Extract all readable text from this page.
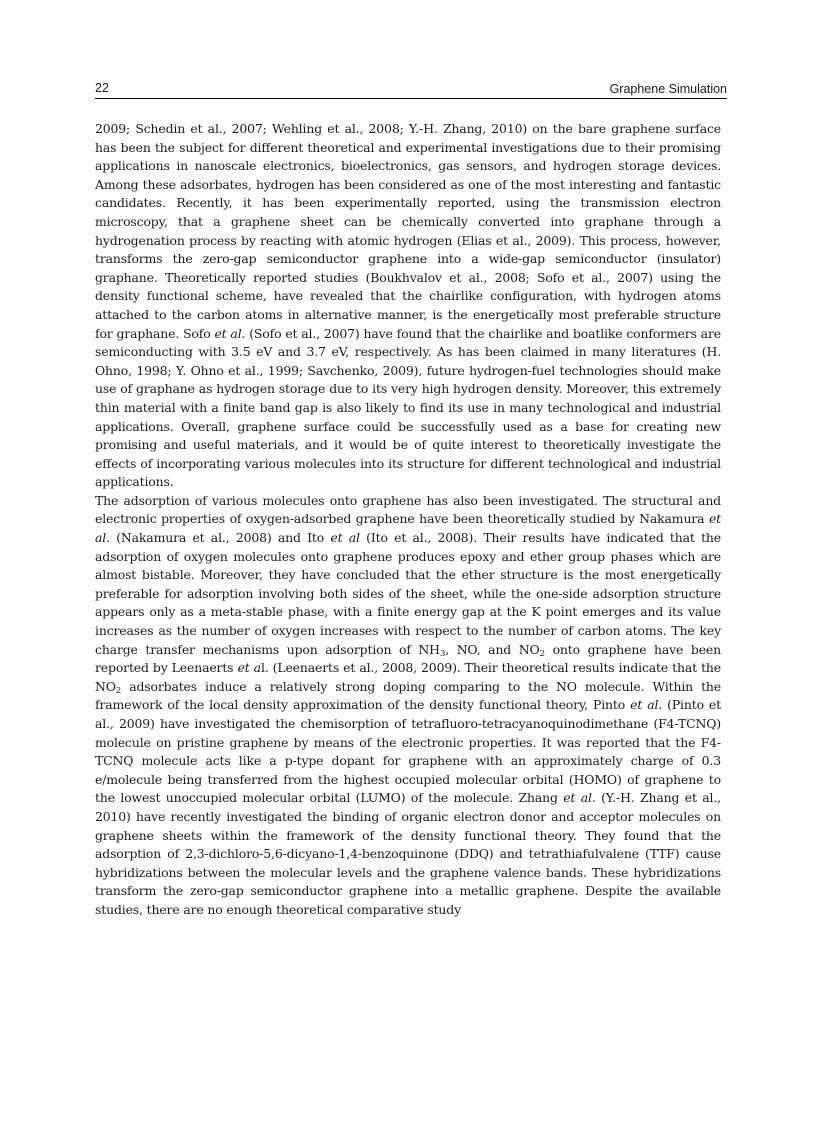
22	Graphene Simulation

2009; Schedin et al., 2007; Wehling et al., 2008; Y.-H. Zhang, 2010) on the bare graphene surface has been the subject for different theoretical and experimental investigations due to their promising applications in nanoscale electronics, bioelectronics, gas sensors, and hydrogen storage devices. Among these adsorbates, hydrogen has been considered as one of the most interesting and fantastic candidates. Recently, it has been experimentally reported, using the transmission electron microscopy, that a graphene sheet can be chemically converted into graphane through a hydrogenation process by reacting with atomic hydrogen (Elias et al., 2009). This process, however, transforms the zero-gap semiconductor graphene into a wide-gap semiconductor (insulator) graphane. Theoretically reported studies (Boukhvalov et al., 2008; Sofo et al., 2007) using the density functional scheme, have revealed that the chairlike configuration, with hydrogen atoms attached to the carbon atoms in alternative manner, is the energetically most preferable structure for graphane. Sofo et al. (Sofo et al., 2007) have found that the chairlike and boatlike conformers are semiconducting with 3.5 eV and 3.7 eV, respectively. As has been claimed in many literatures (H. Ohno, 1998; Y. Ohno et al., 1999; Savchenko, 2009), future hydrogen-fuel technologies should make use of graphane as hydrogen storage due to its very high hydrogen density. Moreover, this extremely thin material with a finite band gap is also likely to find its use in many technological and industrial applications. Overall, graphene surface could be successfully used as a base for creating new promising and useful materials, and it would be of quite interest to theoretically investigate the effects of incorporating various molecules into its structure for different technological and industrial applications.

The adsorption of various molecules onto graphene has also been investigated. The structural and electronic properties of oxygen-adsorbed graphene have been theoretically studied by Nakamura et al. (Nakamura et al., 2008) and Ito et al (Ito et al., 2008). Their results have indicated that the adsorption of oxygen molecules onto graphene produces epoxy and ether group phases which are almost bistable. Moreover, they have concluded that the ether structure is the most energetically preferable for adsorption involving both sides of the sheet, while the one-side adsorption structure appears only as a meta-stable phase, with a finite energy gap at the K point emerges and its value increases as the number of oxygen increases with respect to the number of carbon atoms. The key charge transfer mechanisms upon adsorption of $NH_3$, NO, and $NO_2$ onto graphene have been reported by Leenaerts et al. (Leenaerts et al., 2008, 2009). Their theoretical results indicate that the $NO_2$ adsorbates induce a relatively strong doping comparing to the NO molecule. Within the framework of the local density approximation of the density functional theory, Pinto et al. (Pinto et al., 2009) have investigated the chemisorption of tetrafluoro-tetracyanoquinodimethane (F4-TCNQ) molecule on pristine graphene by means of the electronic properties. It was reported that the F4-TCNQ molecule acts like a p-type dopant for graphene with an approximately charge of 0.3 e/molecule being transferred from the highest occupied molecular orbital (HOMO) of graphene to the lowest unoccupied molecular orbital (LUMO) of the molecule. Zhang et al. (Y.-H. Zhang et al., 2010) have recently investigated the binding of organic electron donor and acceptor molecules on graphene sheets within the framework of the density functional theory. They found that the adsorption of 2,3-dichloro-5,6-dicyano-1,4-benzoquinone (DDQ) and tetrathiafulvalene (TTF) cause hybridizations between the molecular levels and the graphene valence bands. These hybridizations transform the zero-gap semiconductor graphene into a metallic graphene. Despite the available studies, there are no enough theoretical comparative study
